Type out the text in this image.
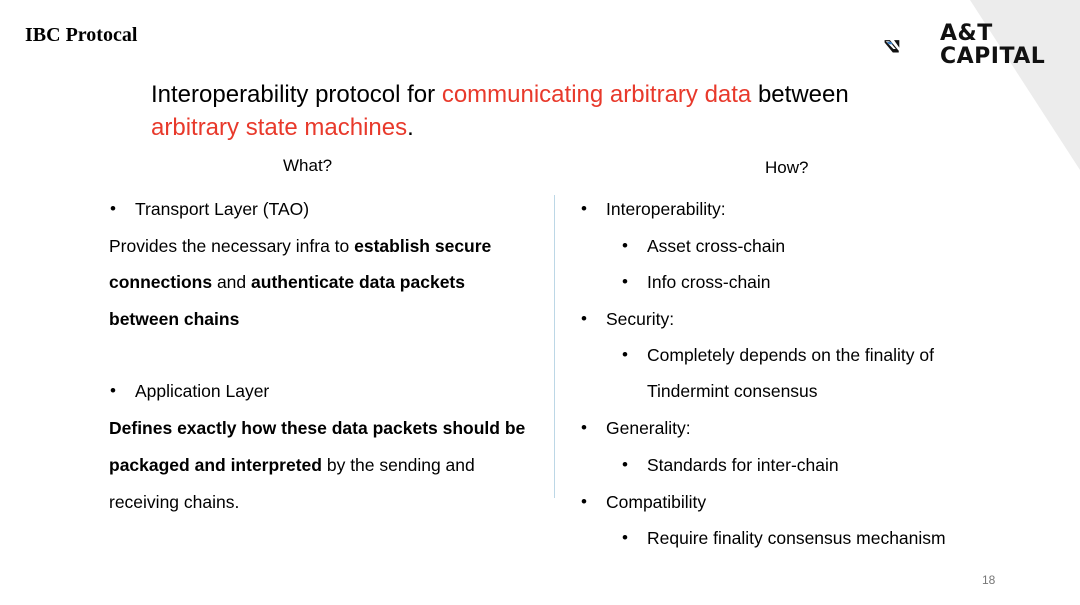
IBC Protocal	A&T
CAPITAL
Interoperability protocol for communicating arbitrary data between
arbitrary state machines.
What?	How?
• Transport Layer (TAO)
Provides the necessary infra to establish secure
connections and authenticate data packets
between chains
• Application Layer
Defines exactly how these data packets should be
packaged and interpreted by the sending and
receiving chains.
• Interoperability:
• Asset cross-chain
• Info cross-chain
• Security:
• Completely depends on the finality of
Tindermint consensus
• Generality:
• Standards for inter-chain
• Compatibility
• Require finality consensus mechanism
18
